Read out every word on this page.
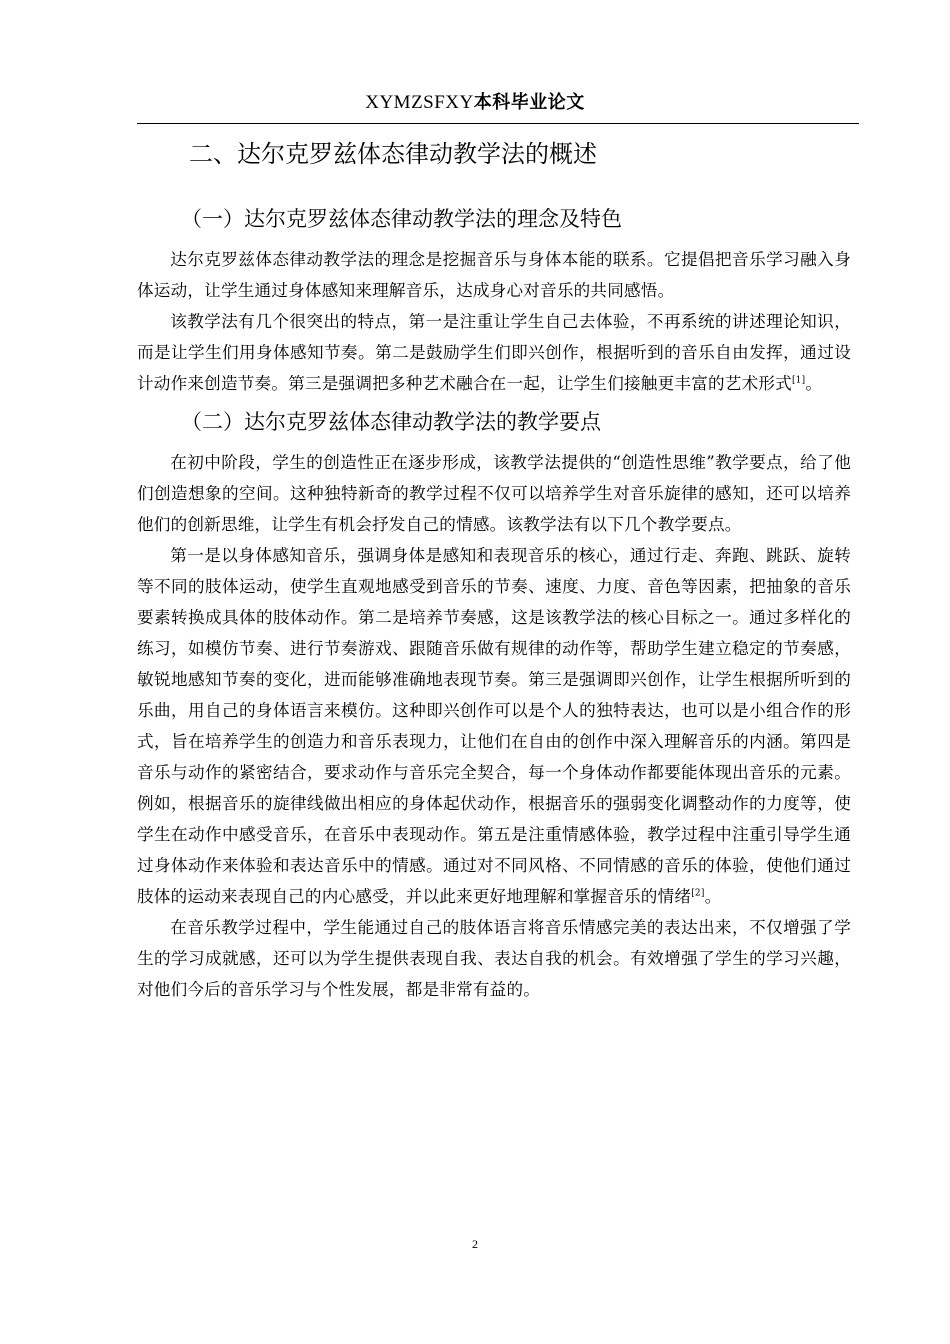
XYMZSFXY本科毕业论文
二、达尔克罗兹体态律动教学法的概述
（一）达尔克罗兹体态律动教学法的理念及特色

达尔克罗兹体态律动教学法的理念是挖掘音乐与身体本能的联系。它提倡把音乐学习融入身体运动，让学生通过身体感知来理解音乐，达成身心对音乐的共同感悟。

该教学法有几个很突出的特点，第一是注重让学生自己去体验，不再系统的讲述理论知识，而是让学生们用身体感知节奏。第二是鼓励学生们即兴创作，根据听到的音乐自由发挥，通过设计动作来创造节奏。第三是强调把多种艺术融合在一起，让学生们接触更丰富的艺术形式[1]。

（二）达尔克罗兹体态律动教学法的教学要点

在初中阶段，学生的创造性正在逐步形成，该教学法提供的“创造性思维”教学要点，给了他们创造想象的空间。这种独特新奇的教学过程不仅可以培养学生对音乐旋律的感知，还可以培养他们的创新思维，让学生有机会抒发自己的情感。该教学法有以下几个教学要点。

第一是以身体感知音乐，强调身体是感知和表现音乐的核心，通过行走、奔跑、跳跃、旋转等不同的肢体运动，使学生直观地感受到音乐的节奏、速度、力度、音色等因素，把抽象的音乐要素转换成具体的肢体动作。第二是培养节奏感，这是该教学法的核心目标之一。通过多样化的练习，如模仿节奏、进行节奏游戏、跟随音乐做有规律的动作等，帮助学生建立稳定的节奏感，敏锐地感知节奏的变化，进而能够准确地表现节奏。第三是强调即兴创作，让学生根据所听到的乐曲，用自己的身体语言来模仿。这种即兴创作可以是个人的独特表达，也可以是小组合作的形式，旨在培养学生的创造力和音乐表现力，让他们在自由的创作中深入理解音乐的内涵。第四是音乐与动作的紧密结合，要求动作与音乐完全契合，每一个身体动作都要能体现出音乐的元素。例如，根据音乐的旋律线做出相应的身体起伏动作，根据音乐的强弱变化调整动作的力度等，使学生在动作中感受音乐，在音乐中表现动作。第五是注重情感体验，教学过程中注重引导学生通过身体动作来体验和表达音乐中的情感。通过对不同风格、不同情感的音乐的体验，使他们通过肢体的运动来表现自己的内心感受，并以此来更好地理解和掌握音乐的情绪[2]。

在音乐教学过程中，学生能通过自己的肢体语言将音乐情感完美的表达出来，不仅增强了学生的学习成就感，还可以为学生提供表现自我、表达自我的机会。有效增强了学生的学习兴趣，对他们今后的音乐学习与个性发展，都是非常有益的。

2
